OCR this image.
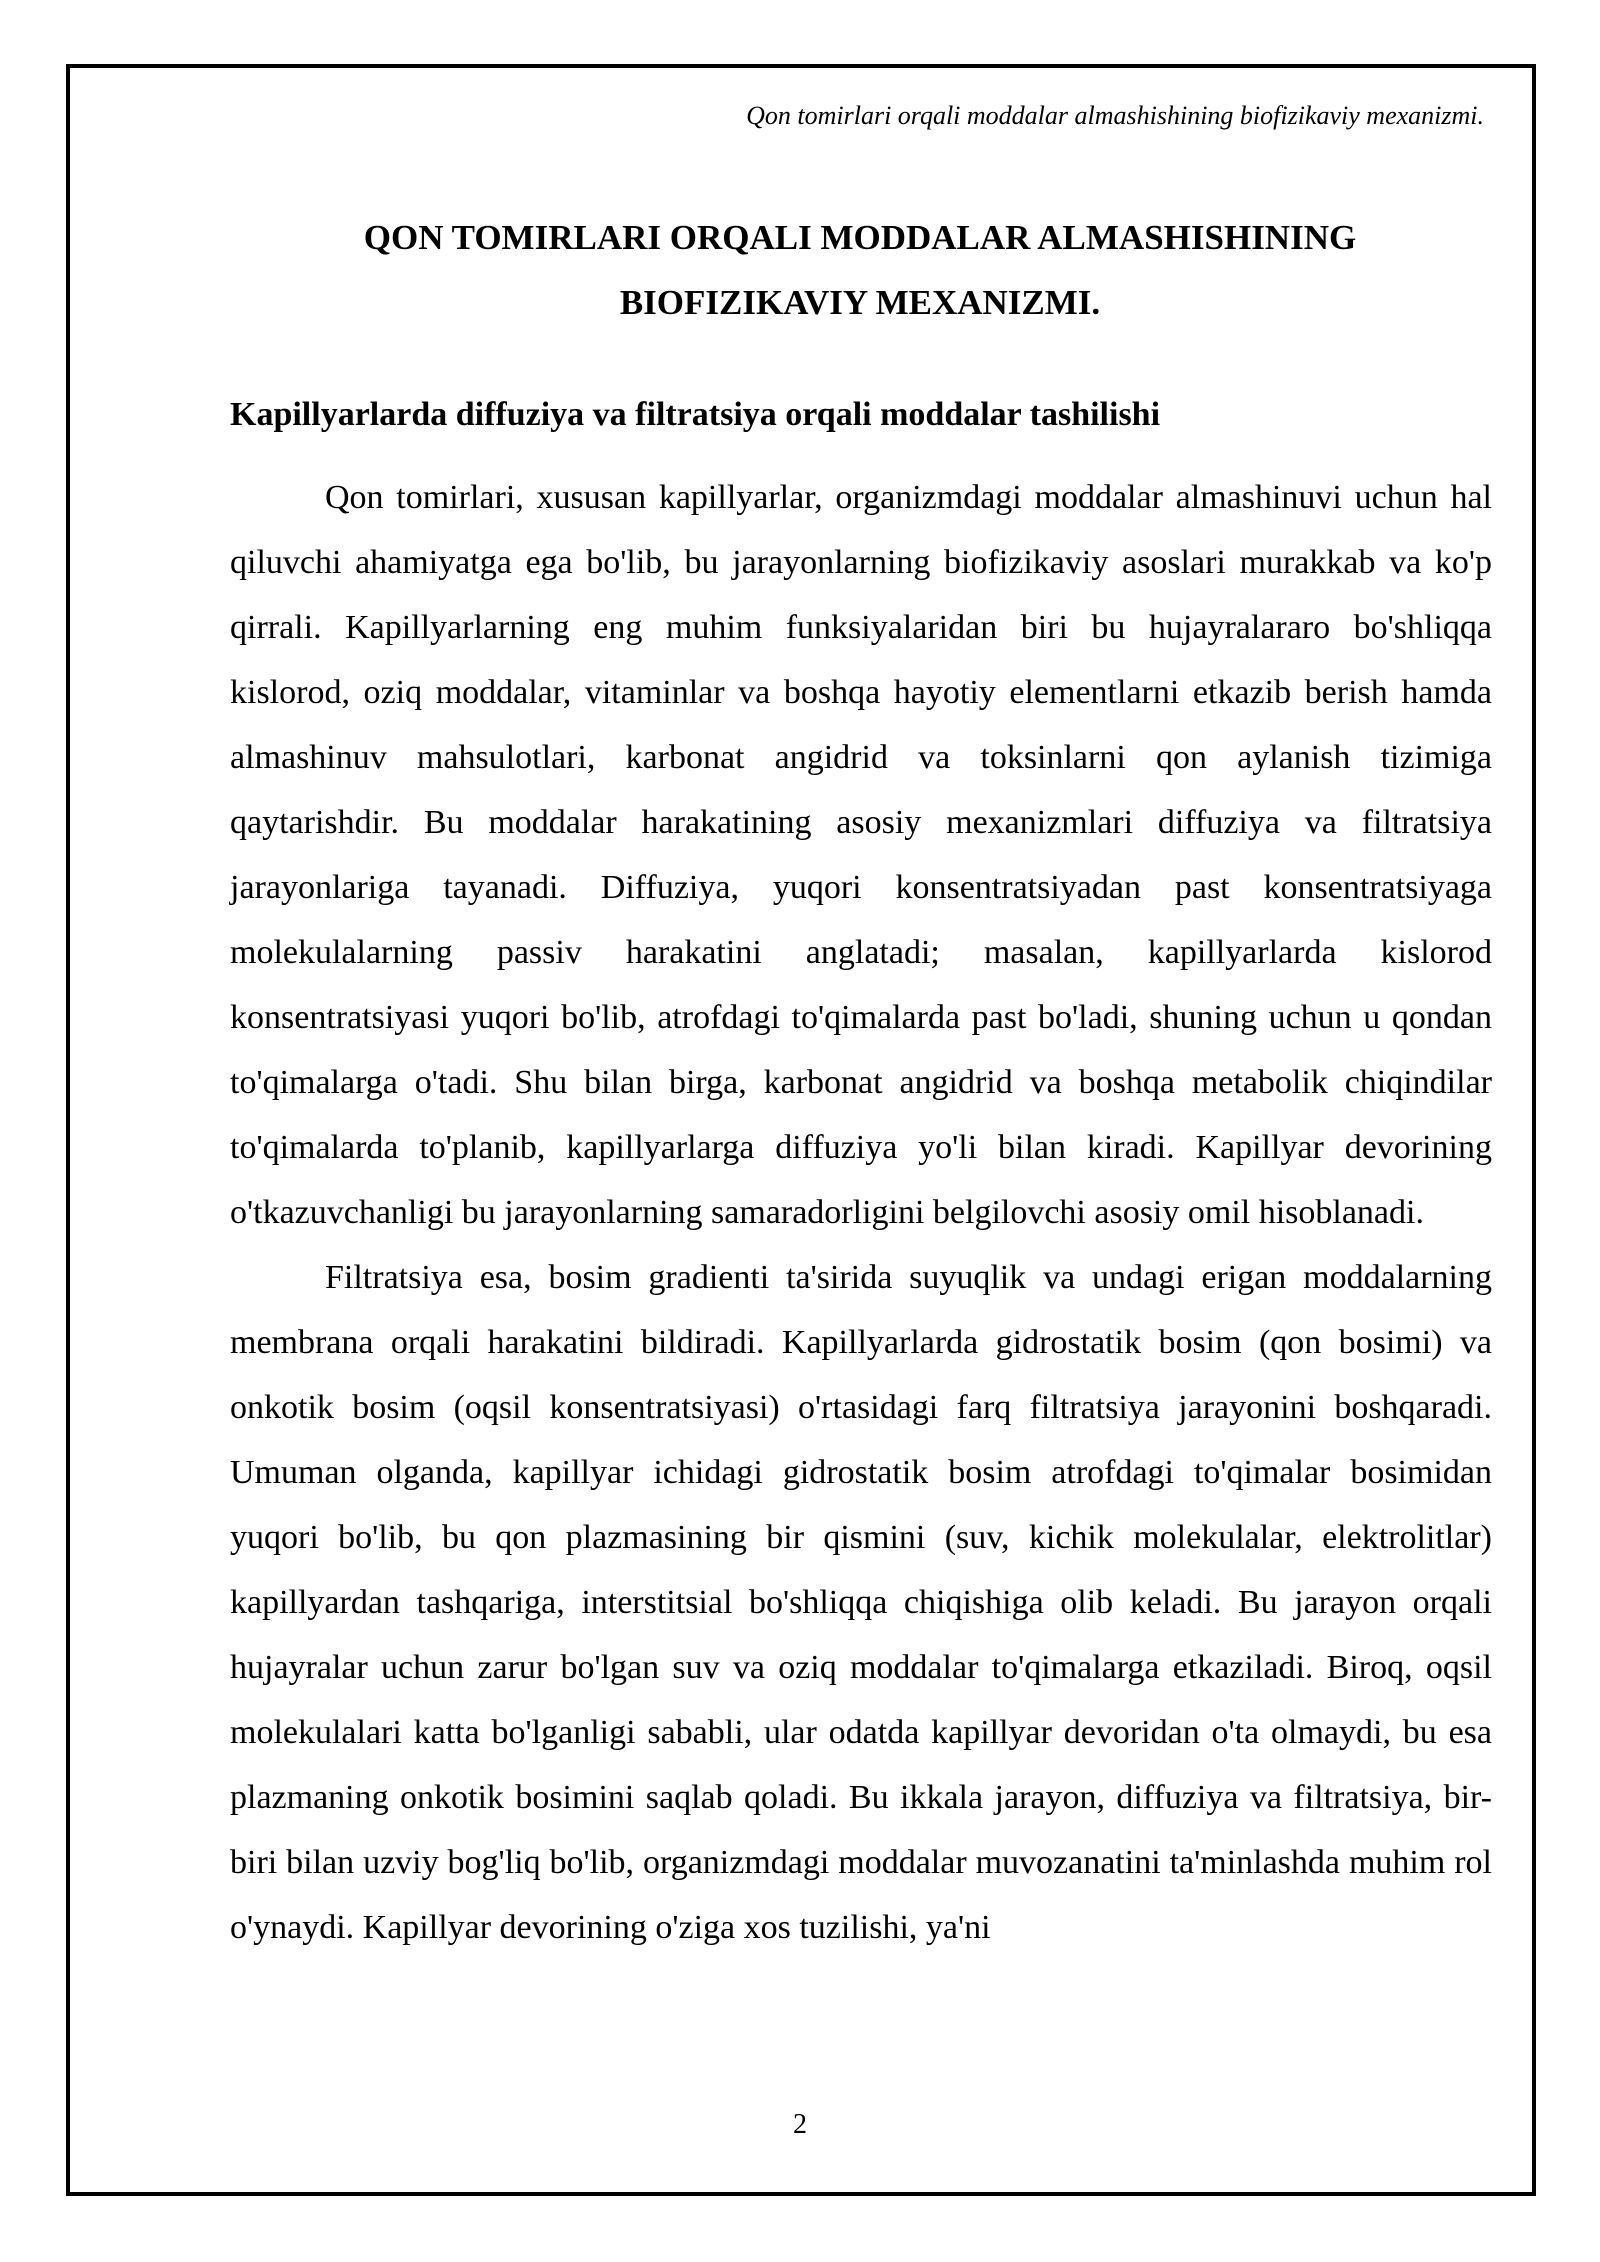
Qon tomirlari orqali moddalar almashishining biofizikaviy mexanizmi.
QON TOMIRLARI ORQALI MODDALAR ALMASHISHINING
BIOFIZIKAVIY MEXANIZMI.
Kapillyarlarda diffuziya va filtratsiya orqali moddalar tashilishi

Qon tomirlari, xususan kapillyarlar, organizmdagi moddalar almashinuvi uchun hal qiluvchi ahamiyatga ega bo'lib, bu jarayonlarning biofizikaviy asoslari murakkab va ko'p qirrali. Kapillyarlarning eng muhim funksiyalaridan biri bu hujayralararo bo'shliqqa kislorod, oziq moddalar, vitaminlar va boshqa hayotiy elementlarni etkazib berish hamda almashinuv mahsulotlari, karbonat angidrid va toksinlarni qon aylanish tizimiga qaytarishdir. Bu moddalar harakatining asosiy mexanizmlari diffuziya va filtratsiya jarayonlariga tayanadi. Diffuziya, yuqori konsentratsiyadan past konsentratsiyaga molekulalarning passiv harakatini anglatadi; masalan, kapillyarlarda kislorod konsentratsiyasi yuqori bo'lib, atrofdagi to'qimalarda past bo'ladi, shuning uchun u qondan to'qimalarga o'tadi. Shu bilan birga, karbonat angidrid va boshqa metabolik chiqindilar to'qimalarda to'planib, kapillyarlarga diffuziya yo'li bilan kiradi. Kapillyar devorining o'tkazuvchanligi bu jarayonlarning samaradorligini belgilovchi asosiy omil hisoblanadi.

Filtratsiya esa, bosim gradienti ta'sirida suyuqlik va undagi erigan moddalarning membrana orqali harakatini bildiradi. Kapillyarlarda gidrostatik bosim (qon bosimi) va onkotik bosim (oqsil konsentratsiyasi) o'rtasidagi farq filtratsiya jarayonini boshqaradi. Umuman olganda, kapillyar ichidagi gidrostatik bosim atrofdagi to'qimalar bosimidan yuqori bo'lib, bu qon plazmasining bir qismini (suv, kichik molekulalar, elektrolitlar) kapillyardan tashqariga, interstitsial bo'shliqqa chiqishiga olib keladi. Bu jarayon orqali hujayralar uchun zarur bo'lgan suv va oziq moddalar to'qimalarga etkaziladi. Biroq, oqsil molekulalari katta bo'lganligi sababli, ular odatda kapillyar devoridan o'ta olmaydi, bu esa plazmaning onkotik bosimini saqlab qoladi. Bu ikkala jarayon, diffuziya va filtratsiya, bir-biri bilan uzviy bog'liq bo'lib, organizmdagi moddalar muvozanatini ta'minlashda muhim rol o'ynaydi. Kapillyar devorining o'ziga xos tuzilishi, ya'ni

2
